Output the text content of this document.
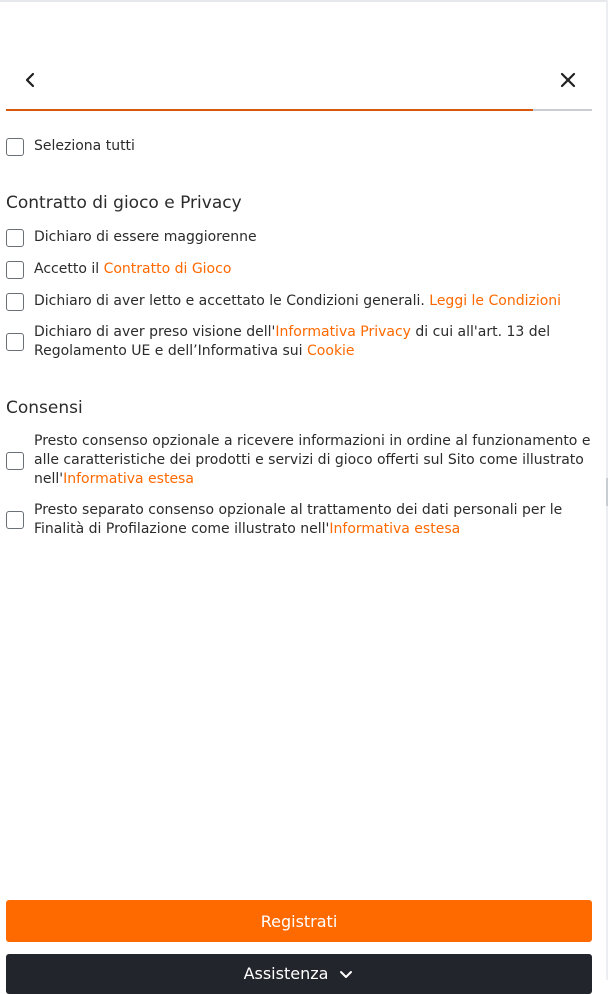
Seleziona tutti
Contratto di gioco e Privacy
Dichiaro di essere maggiorenne
Accetto il Contratto di Gioco
Dichiaro di aver letto e accettato le Condizioni generali. Leggi le Condizioni
Dichiaro di aver preso visione dell'Informativa Privacy di cui all'art. 13 del Regolamento UE e dell’Informativa sui Cookie
Consensi
Presto consenso opzionale a ricevere informazioni in ordine al funzionamento e alle caratteristiche dei prodotti e servizi di gioco offerti sul Sito come illustrato nell'Informativa estesa
Presto separato consenso opzionale al trattamento dei dati personali per le Finalità di Profilazione come illustrato nell'Informativa estesa
Registrati
Assistenza
